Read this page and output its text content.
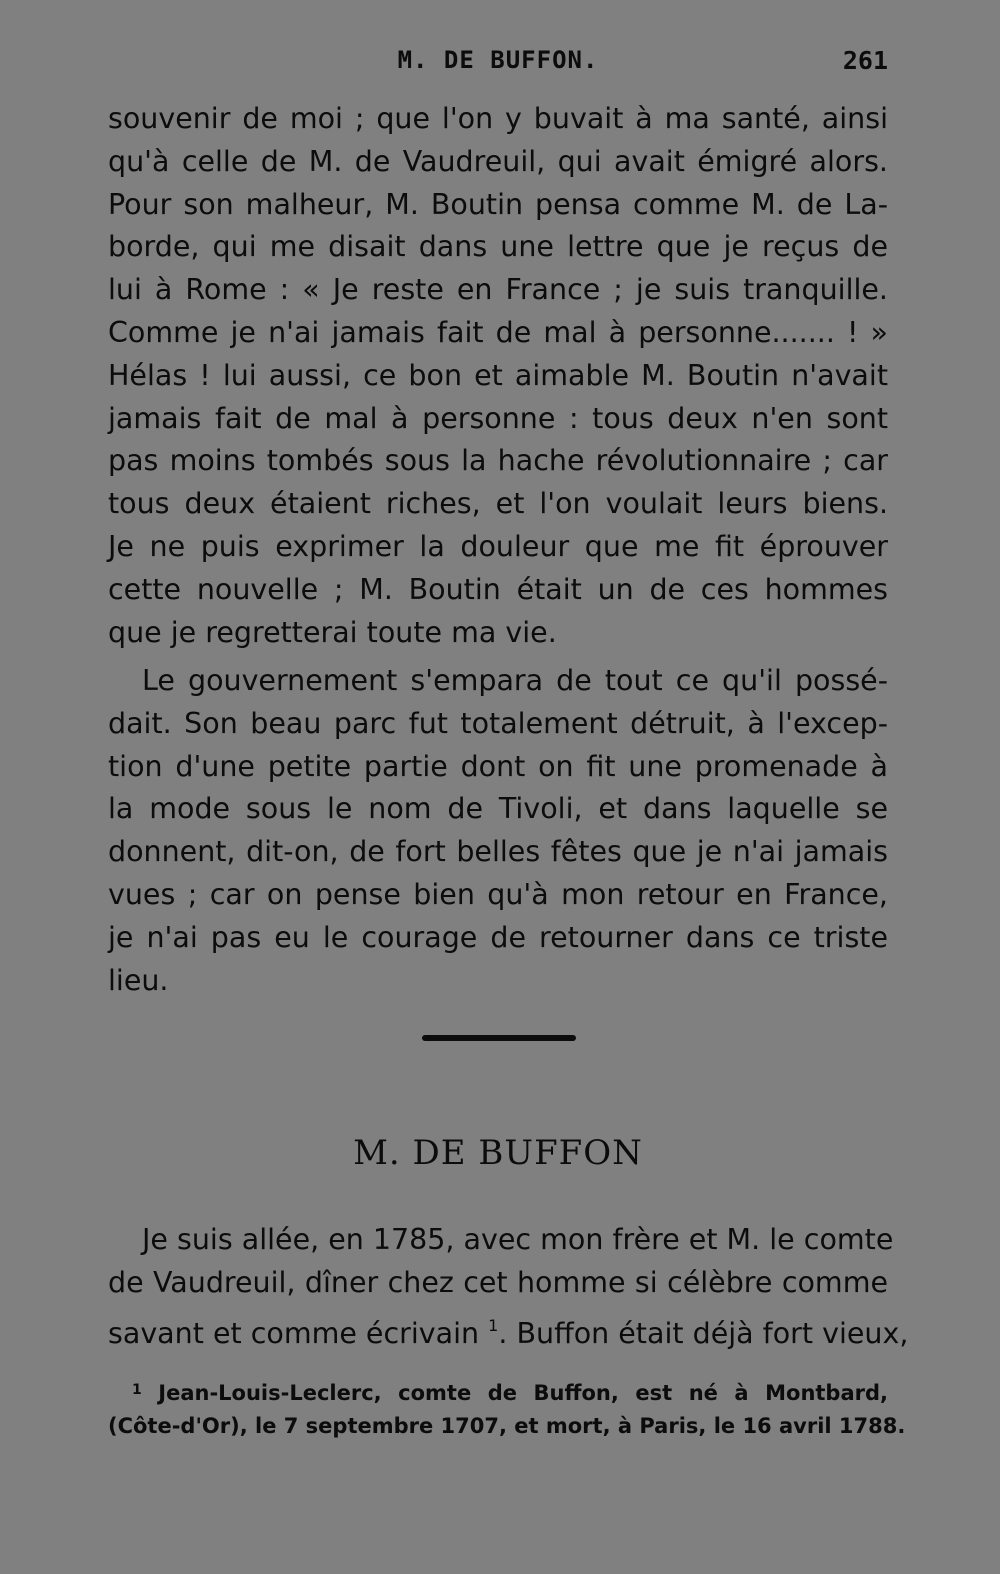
M. DE BUFFON.	261
souvenir de moi ; que l'on y buvait à ma santé, ainsi
qu'à celle de M. de Vaudreuil, qui avait émigré alors.
Pour son malheur, M. Boutin pensa comme M. de La-
borde, qui me disait dans une lettre que je reçus de
lui à Rome : « Je reste en France ; je suis tranquille.
Comme je n'ai jamais fait de mal à personne....... ! »
Hélas ! lui aussi, ce bon et aimable M. Boutin n'avait
jamais fait de mal à personne : tous deux n'en sont
pas moins tombés sous la hache révolutionnaire ; car
tous deux étaient riches, et l'on voulait leurs biens.
Je ne puis exprimer la douleur que me fit éprouver
cette nouvelle ; M. Boutin était un de ces hommes
que je regretterai toute ma vie.
Le gouvernement s'empara de tout ce qu'il possé-
dait. Son beau parc fut totalement détruit, à l'excep-
tion d'une petite partie dont on fit une promenade à
la mode sous le nom de Tivoli, et dans laquelle se
donnent, dit-on, de fort belles fêtes que je n'ai jamais
vues ; car on pense bien qu'à mon retour en France,
je n'ai pas eu le courage de retourner dans ce triste
lieu.
M. DE BUFFON
Je suis allée, en 1785, avec mon frère et M. le comte
de Vaudreuil, dîner chez cet homme si célèbre comme
savant et comme écrivain $^1$. Buffon était déjà fort vieux,
$^1$ Jean-Louis-Leclerc, comte de Buffon, est né à Montbard,
(Côte-d'Or), le 7 septembre 1707, et mort, à Paris, le 16 avril 1788.
